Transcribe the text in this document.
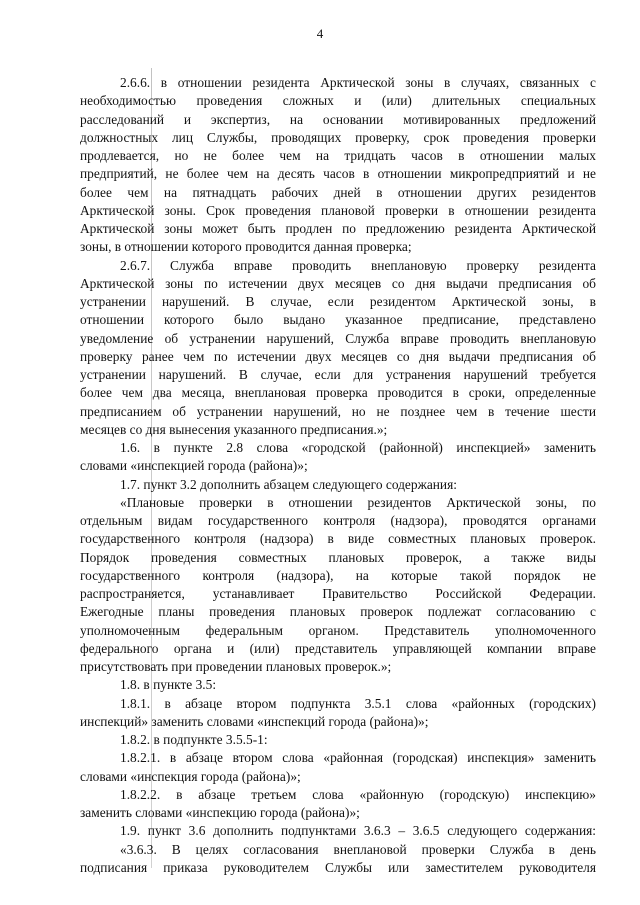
4
2.6.6. в отношении резидента Арктической зоны в случаях, связанных с
необходимостью проведения сложных и (или) длительных специальных
расследований и экспертиз, на основании мотивированных предложений
должностных лиц Службы, проводящих проверку, срок проведения проверки
продлевается, но не более чем на тридцать часов в отношении малых
предприятий, не более чем на десять часов в отношении микропредприятий и не
более чем на пятнадцать рабочих дней в отношении других резидентов
Арктической зоны. Срок проведения плановой проверки в отношении резидента
Арктической зоны может быть продлен по предложению резидента Арктической
зоны, в отношении которого проводится данная проверка;
2.6.7. Служба вправе проводить внеплановую проверку резидента
Арктической зоны по истечении двух месяцев со дня выдачи предписания об
устранении нарушений. В случае, если резидентом Арктической зоны, в
отношении которого было выдано указанное предписание, представлено
уведомление об устранении нарушений, Служба вправе проводить внеплановую
проверку ранее чем по истечении двух месяцев со дня выдачи предписания об
устранении нарушений. В случае, если для устранения нарушений требуется
более чем два месяца, внеплановая проверка проводится в сроки, определенные
предписанием об устранении нарушений, но не позднее чем в течение шести
месяцев со дня вынесения указанного предписания.»;
1.6. в пункте 2.8 слова «городской (районной) инспекцией» заменить
словами «инспекцией города (района)»;
1.7. пункт 3.2 дополнить абзацем следующего содержания:
«Плановые проверки в отношении резидентов Арктической зоны, по
отдельным видам государственного контроля (надзора), проводятся органами
государственного контроля (надзора) в виде совместных плановых проверок.
Порядок проведения совместных плановых проверок, а также виды
государственного контроля (надзора), на которые такой порядок не
распространяется, устанавливает Правительство Российской Федерации.
Ежегодные планы проведения плановых проверок подлежат согласованию с
уполномоченным федеральным органом. Представитель уполномоченного
федерального органа и (или) представитель управляющей компании вправе
присутствовать при проведении плановых проверок.»;
1.8. в пункте 3.5:
1.8.1. в абзаце втором подпункта 3.5.1 слова «районных (городских)
инспекций» заменить словами «инспекций города (района)»;
1.8.2. в подпункте 3.5.5-1:
1.8.2.1. в абзаце втором слова «районная (городская) инспекция» заменить
словами «инспекция города (района)»;
1.8.2.2. в абзаце третьем слова «районную (городскую) инспекцию»
заменить словами «инспекцию города (района)»;
1.9. пункт 3.6 дополнить подпунктами 3.6.3 – 3.6.5 следующего содержания:
«3.6.3. В целях согласования внеплановой проверки Служба в день
подписания приказа руководителем Службы или заместителем руководителя
